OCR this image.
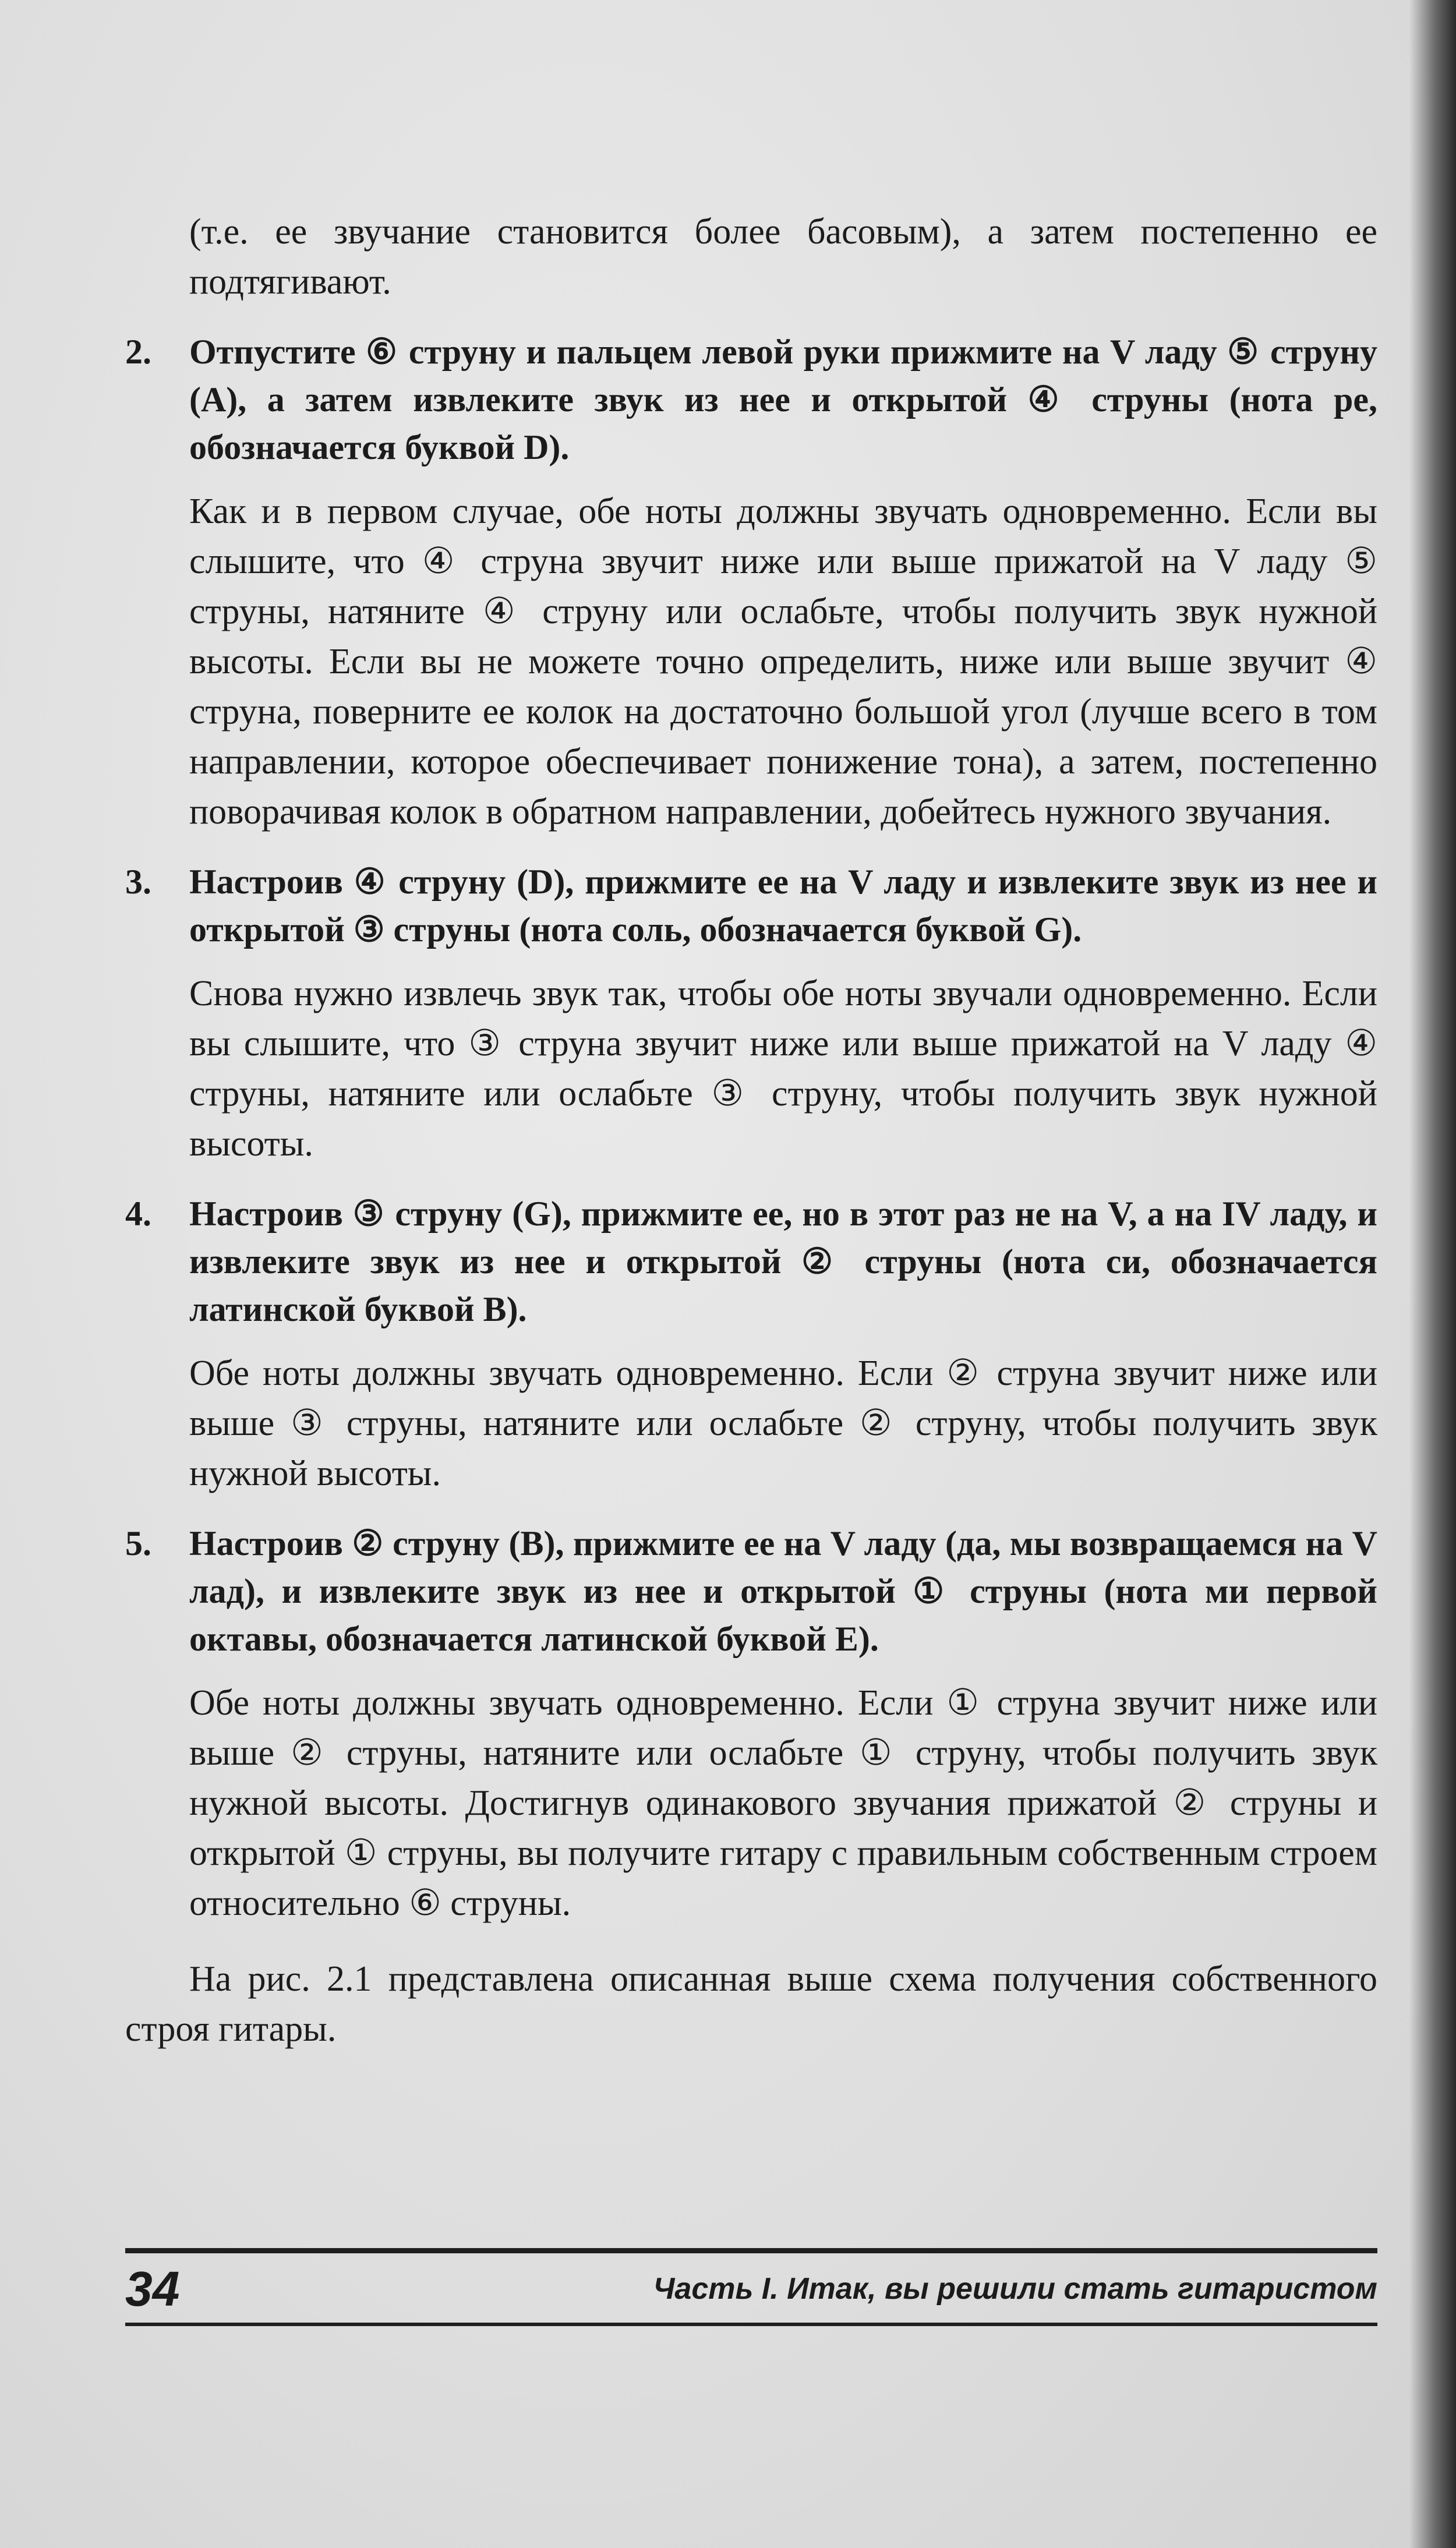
(т.е. ее звучание становится более басовым), а затем постепенно ее подтягивают.

2.	Отпустите ⑥ струну и пальцем левой руки прижмите на V ладу ⑤ струну (A), а затем извлеките звук из нее и открытой ④ струны (нота ре, обозначается буквой D).

Как и в первом случае, обе ноты должны звучать одновременно. Если вы слышите, что ④ струна звучит ниже или выше прижатой на V ладу ⑤ струны, натяните ④ струну или ослабьте, чтобы получить звук нужной высоты. Если вы не можете точно определить, ниже или выше звучит ④ струна, поверните ее колок на достаточно большой угол (лучше всего в том направлении, которое обеспечивает понижение тона), а затем, постепенно поворачивая колок в обратном направлении, добейтесь нужного звучания.

3.	Настроив ④ струну (D), прижмите ее на V ладу и извлеките звук из нее и открытой ③ струны (нота соль, обозначается буквой G).

Снова нужно извлечь звук так, чтобы обе ноты звучали одновременно. Если вы слышите, что ③ струна звучит ниже или выше прижатой на V ладу ④ струны, натяните или ослабьте ③ струну, чтобы получить звук нужной высоты.

4.	Настроив ③ струну (G), прижмите ее, но в этот раз не на V, а на IV ладу, и извлеките звук из нее и открытой ② струны (нота си, обозначается латинской буквой B).

Обе ноты должны звучать одновременно. Если ② струна звучит ниже или выше ③ струны, натяните или ослабьте ② струну, чтобы получить звук нужной высоты.

5.	Настроив ② струну (B), прижмите ее на V ладу (да, мы возвращаемся на V лад), и извлеките звук из нее и открытой ① струны (нота ми первой октавы, обозначается латинской буквой E).

Обе ноты должны звучать одновременно. Если ① струна звучит ниже или выше ② струны, натяните или ослабьте ① струну, чтобы получить звук нужной высоты. Достигнув одинакового звучания прижатой ② струны и открытой ① струны, вы получите гитару с правильным собственным строем относительно ⑥ струны.

На рис. 2.1 представлена описанная выше схема получения собственного строя гитары.

34	Часть I. Итак, вы решили стать гитаристом
